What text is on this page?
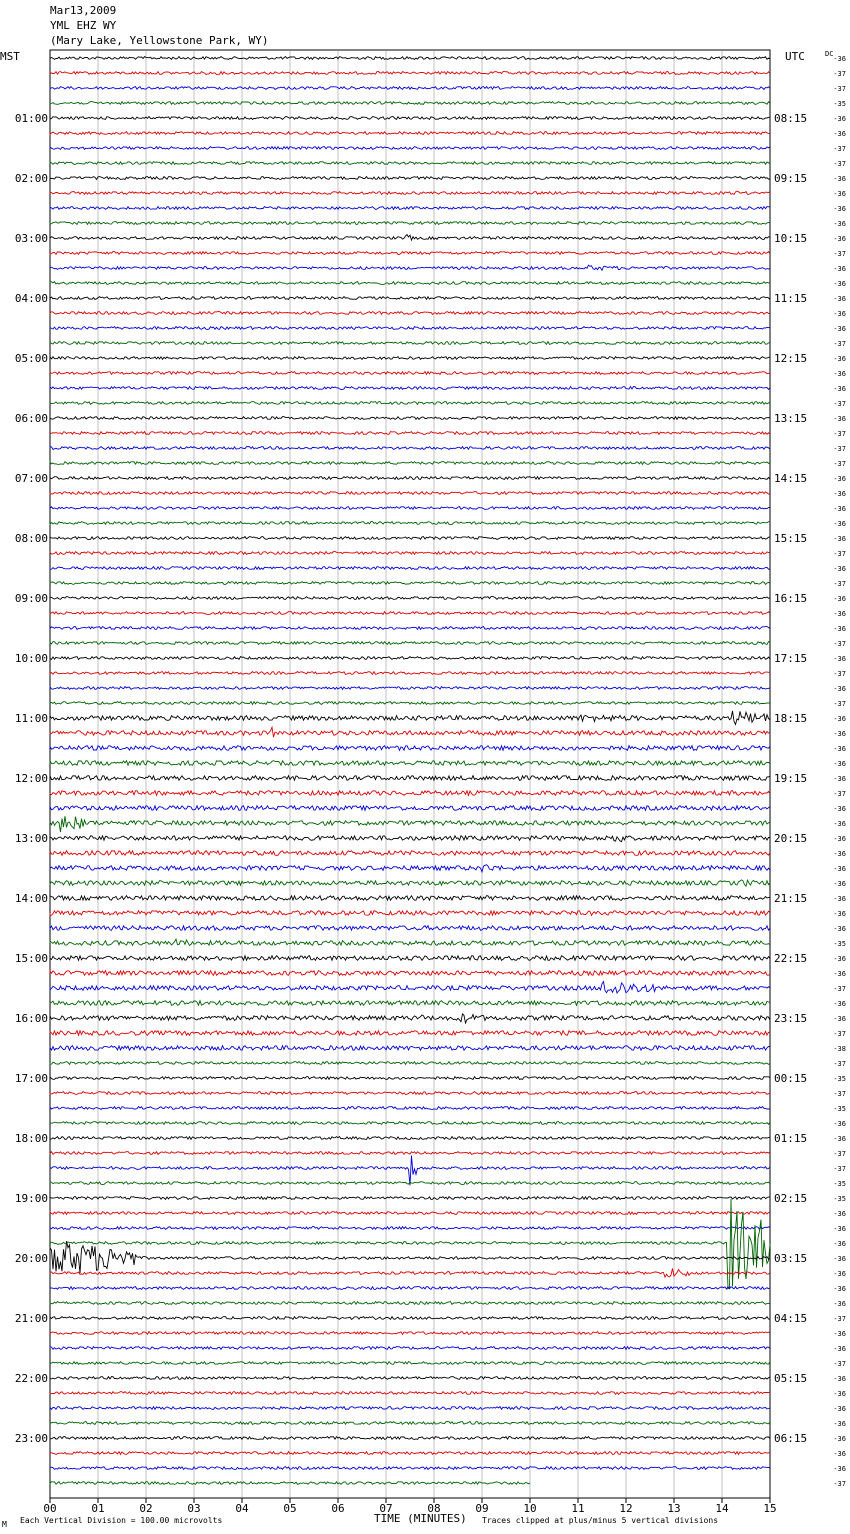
Mar13,2009
YML EHZ WY
(Mary Lake, Yellowstone Park, WY)
MST	UTC	DC
TIME (MINUTES)
Each Vertical Division = 100.00 microvolts	Traces clipped at plus/minus 5 vertical divisions
M
00	01	02	03	04	05	06	07	08	09	10	11	12	13	14	15
-36
-37
-37
-35
-36
-36
-37
-37
-36
-36
-36
-36
-36
-37
-36
-36
-36
-36
-36
-37
-36
-36
-36
-37
-36
-37
-37
-37
-36
-36
-36
-36
-36
-37
-36
-37
-36
-36
-36
-37
-36
-37
-36
-37
-36
-36
-36
-36
-36
-37
-36
-36
-36
-36
-36
-36
-36
-36
-36
-35
-36
-36
-37
-36
-36
-37
-38
-37
-35
-37
-35
-36
-36
-37
-37
-35
-35
-36
-36
-36
-36
-36
-36
-36
-37
-36
-36
-37
-36
-36
-36
-36
-36
-36
-36
-37
01:00	08:15
02:00	09:15
03:00	10:15
04:00	11:15
05:00	12:15
06:00	13:15
07:00	14:15
08:00	15:15
09:00	16:15
10:00	17:15
11:00	18:15
12:00	19:15
13:00	20:15
14:00	21:15
15:00	22:15
16:00	23:15
17:00	00:15
18:00	01:15
19:00	02:15
20:00	03:15
21:00	04:15
22:00	05:15
23:00	06:15
